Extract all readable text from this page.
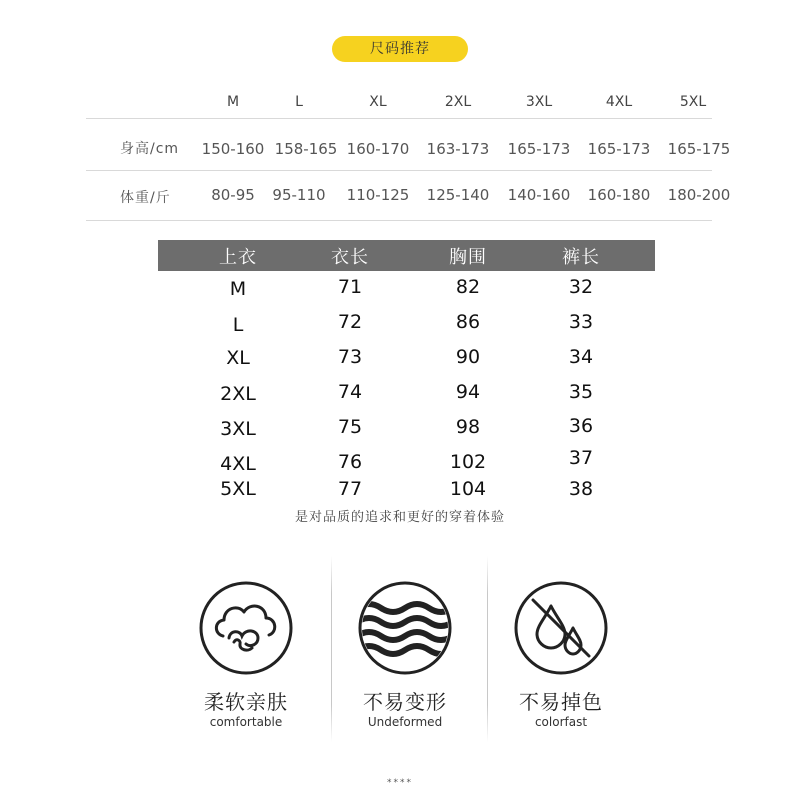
尺码推荐
M	L	XL	2XL	3XL	4XL	5XL
身高/cm	150-160 158-165 160-170	163-173	165-173	165-173	165-175
体重/斤	80-95	95-110	110-125	125-140	140-160	160-180	180-200
上衣	衣长	胸围	裤长
M	71	82	32
L	72	86	33
XL	73	90	34
2XL	74	94	35
3XL	75	98	36
4XL	76	102	37
5XL	77	104	38
是对品质的追求和更好的穿着体验
柔软亲肤
comfortable
不易变形
Undeformed
不易掉色
colorfast
****
